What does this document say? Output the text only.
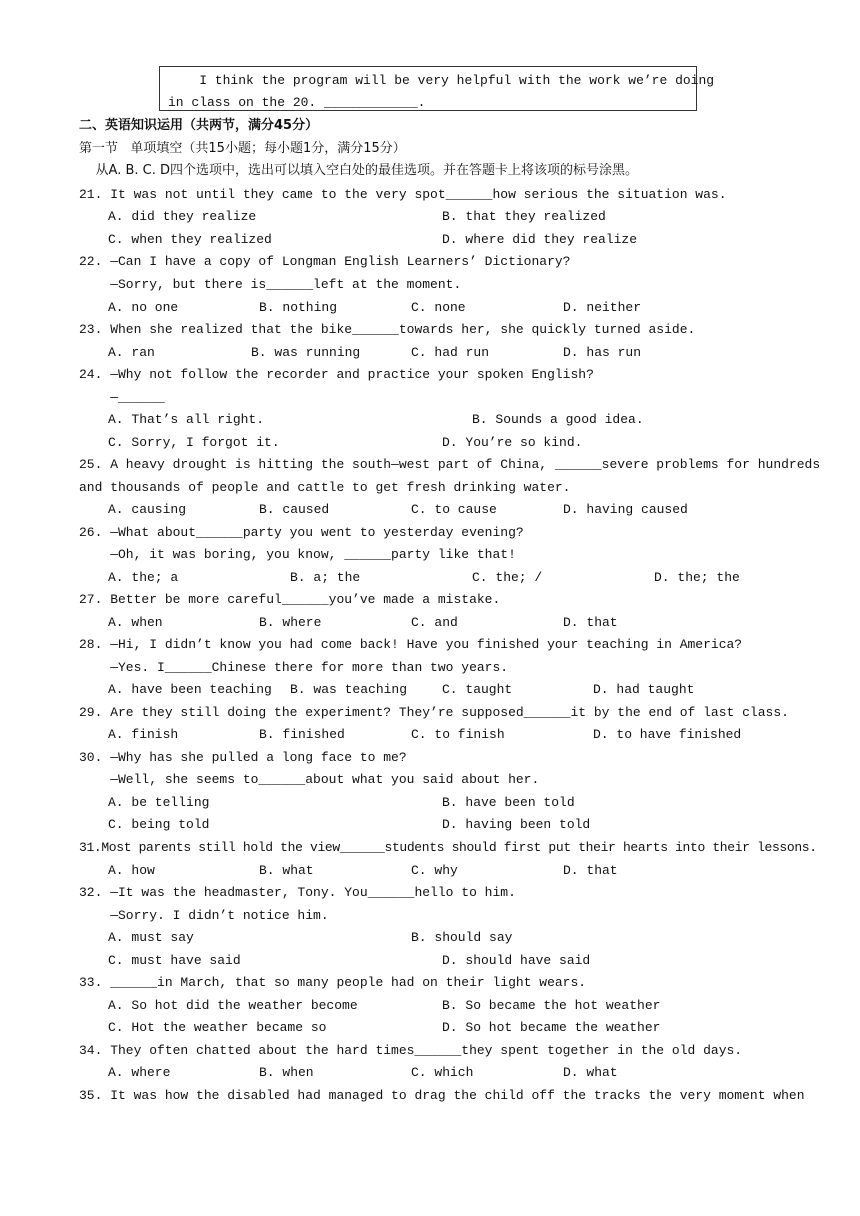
I think the program will be very helpful with the work we’re doing
in class on the 20. ____________.
二、英语知识运用（共两节，满分45分）
第一节   单项填空（共15小题；每小题1分，满分15分）
从A. B. C. D四个选项中，选出可以填入空白处的最佳选项。并在答题卡上将该项的标号涂黑。
21. It was not until they came to the very spot______how serious the situation was.
A. did they realize	B. that they realized
C. when they realized	D. where did they realize
22. —Can I have a copy of Longman English Learners’ Dictionary?
—Sorry, but there is______left at the moment.
A. no one	B. nothing	C. none	D. neither
23. When she realized that the bike______towards her, she quickly turned aside.
A. ran	B. was running	C. had run	D. has run
24. —Why not follow the recorder and practice your spoken English?
—______
A. That’s all right.	B. Sounds a good idea.
C. Sorry, I forgot it.	D. You’re so kind.
25. A heavy drought is hitting the south—west part of China, ______severe problems for hundreds
and thousands of people and cattle to get fresh drinking water.
A. causing	B. caused	C. to cause	D. having caused
26. —What about______party you went to yesterday evening?
—Oh, it was boring, you know, ______party like that!
A. the; a	B. a; the	C. the; /	D. the; the
27. Better be more careful______you’ve made a mistake.
A. when	B. where	C. and	D. that
28. —Hi, I didn’t know you had come back! Have you finished your teaching in America?
—Yes. I______Chinese there for more than two years.
A. have been teaching B. was teaching	C. taught	D. had taught
29. Are they still doing the experiment? They’re supposed______it by the end of last class.
A. finish	B. finished	C. to finish	D. to have finished
30. —Why has she pulled a long face to me?
—Well, she seems to______about what you said about her.
A. be telling	B. have been told
C. being told	D. having been told
31.Most parents still hold the view______students should first put their hearts into their lessons.
A. how	B. what	C. why	D. that
32. —It was the headmaster, Tony. You______hello to him.
—Sorry. I didn’t notice him.
A. must say	B. should say
C. must have said	D. should have said
33. ______in March, that so many people had on their light wears.
A. So hot did the weather become	B. So became the hot weather
C. Hot the weather became so	D. So hot became the weather
34. They often chatted about the hard times______they spent together in the old days.
A. where	B. when	C. which	D. what
35. It was how the disabled had managed to drag the child off the tracks the very moment when
